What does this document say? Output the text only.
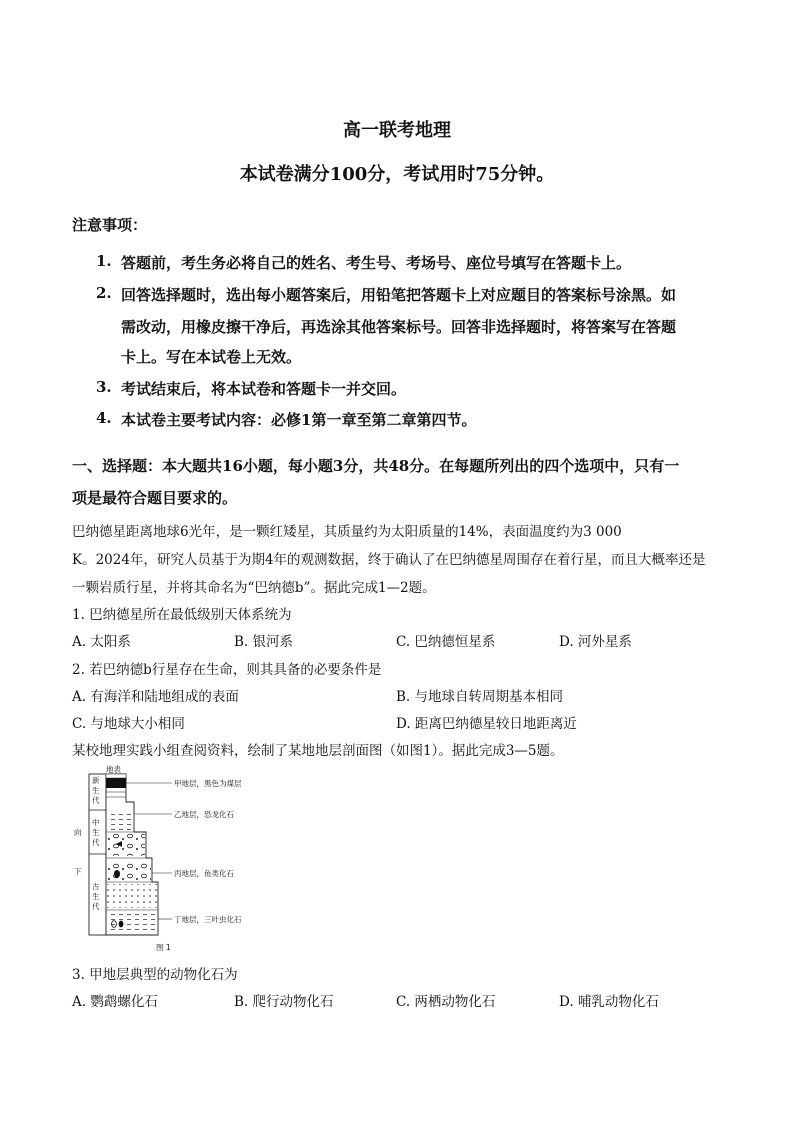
高一联考地理
本试卷满分100分，考试用时75分钟。
注意事项：
1. 答题前，考生务必将自己的姓名、考生号、考场号、座位号填写在答题卡上。
2. 回答选择题时，选出每小题答案后，用铅笔把答题卡上对应题目的答案标号涂黑。如
需改动，用橡皮擦干净后，再选涂其他答案标号。回答非选择题时，将答案写在答题
卡上。写在本试卷上无效。
3. 考试结束后，将本试卷和答题卡一并交回。
4. 本试卷主要考试内容：必修1第一章至第二章第四节。
一、选择题：本大题共16小题，每小题3分，共48分。在每题所列出的四个选项中，只有一
项是最符合题目要求的。
巴纳德星距离地球6光年，是一颗红矮星，其质量约为太阳质量的14%，表面温度约为3 000
K。2024年，研究人员基于为期4年的观测数据，终于确认了在巴纳德星周围存在着行星，而且大概率还是
一颗岩质行星，并将其命名为“巴纳德b”。据此完成1—2题。
1. 巴纳德星所在最低级别天体系统为
A. 太阳系	B. 银河系	C. 巴纳德恒星系	D. 河外星系
2. 若巴纳德b行星存在生命，则其具备的必要条件是
A. 有海洋和陆地组成的表面	B. 与地球自转周期基本相同
C. 与地球大小相同	D. 距离巴纳德星较日地距离近
某校地理实践小组查阅资料，绘制了某地地层剖面图（如图1）。据此完成3—5题。
地表
向
下
新生代
中生代
古生代
甲地层，黑色为煤层
乙地层，恐龙化石
丙地层，鱼类化石
丁地层，三叶虫化石
图 1
3. 甲地层典型的动物化石为
A. 鹦鹉螺化石	B. 爬行动物化石	C. 两栖动物化石	D. 哺乳动物化石
